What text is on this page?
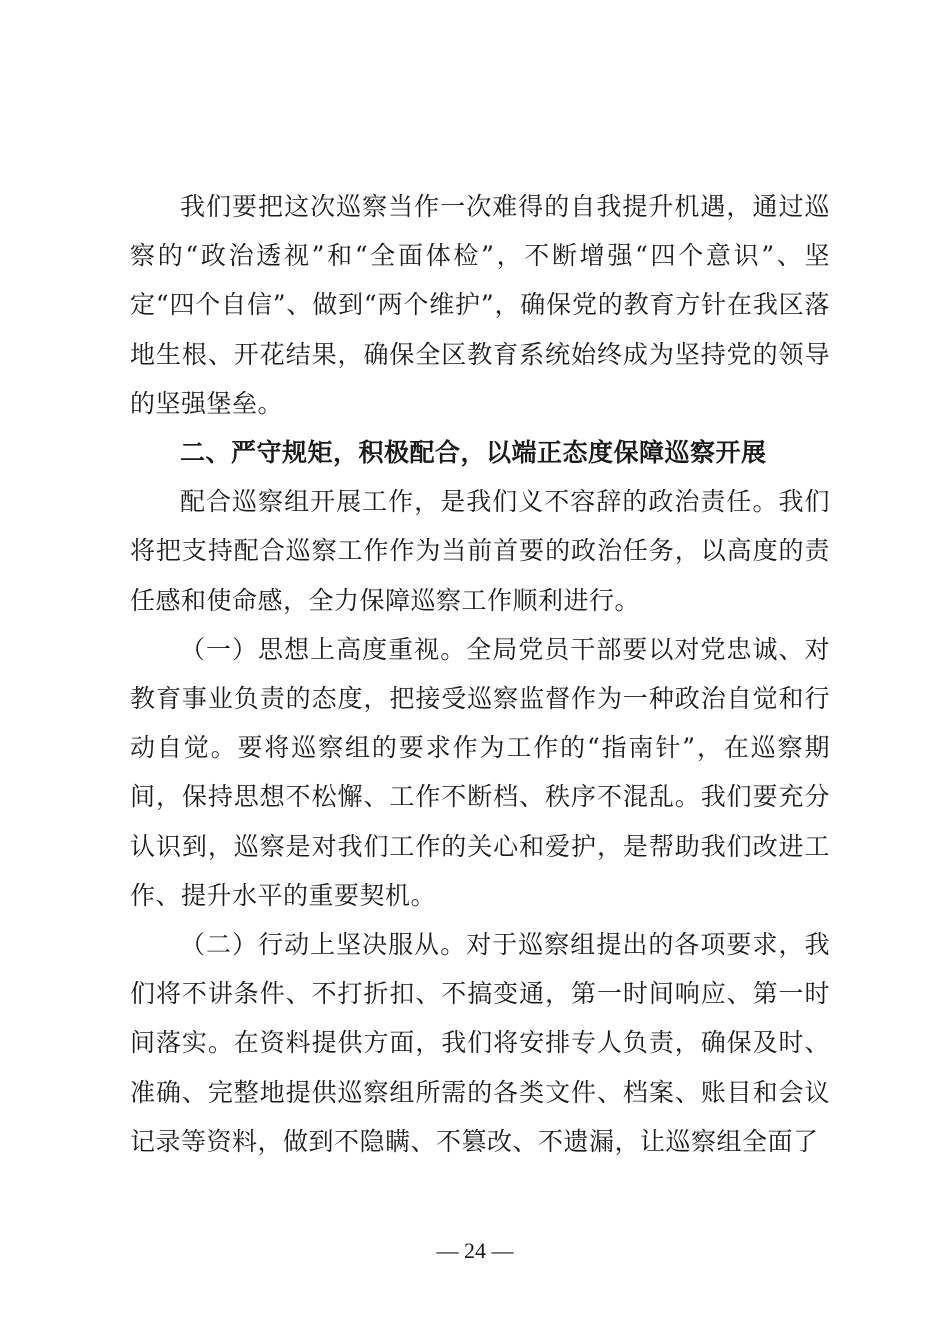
我们要把这次巡察当作一次难得的自我提升机遇，通过巡察的“政治透视”和“全面体检”，不断增强“四个意识”、坚定“四个自信”、做到“两个维护”，确保党的教育方针在我区落地生根、开花结果，确保全区教育系统始终成为坚持党的领导的坚强堡垒。

二、严守规矩，积极配合，以端正态度保障巡察开展

配合巡察组开展工作，是我们义不容辞的政治责任。我们将把支持配合巡察工作作为当前首要的政治任务，以高度的责任感和使命感，全力保障巡察工作顺利进行。

（一）思想上高度重视。全局党员干部要以对党忠诚、对教育事业负责的态度，把接受巡察监督作为一种政治自觉和行动自觉。要将巡察组的要求作为工作的“指南针”，在巡察期间，保持思想不松懈、工作不断档、秩序不混乱。我们要充分认识到，巡察是对我们工作的关心和爱护，是帮助我们改进工作、提升水平的重要契机。

（二）行动上坚决服从。对于巡察组提出的各项要求，我们将不讲条件、不打折扣、不搞变通，第一时间响应、第一时间落实。在资料提供方面，我们将安排专人负责，确保及时、准确、完整地提供巡察组所需的各类文件、档案、账目和会议记录等资料，做到不隐瞒、不篡改、不遗漏，让巡察组全面了

— 24 —
